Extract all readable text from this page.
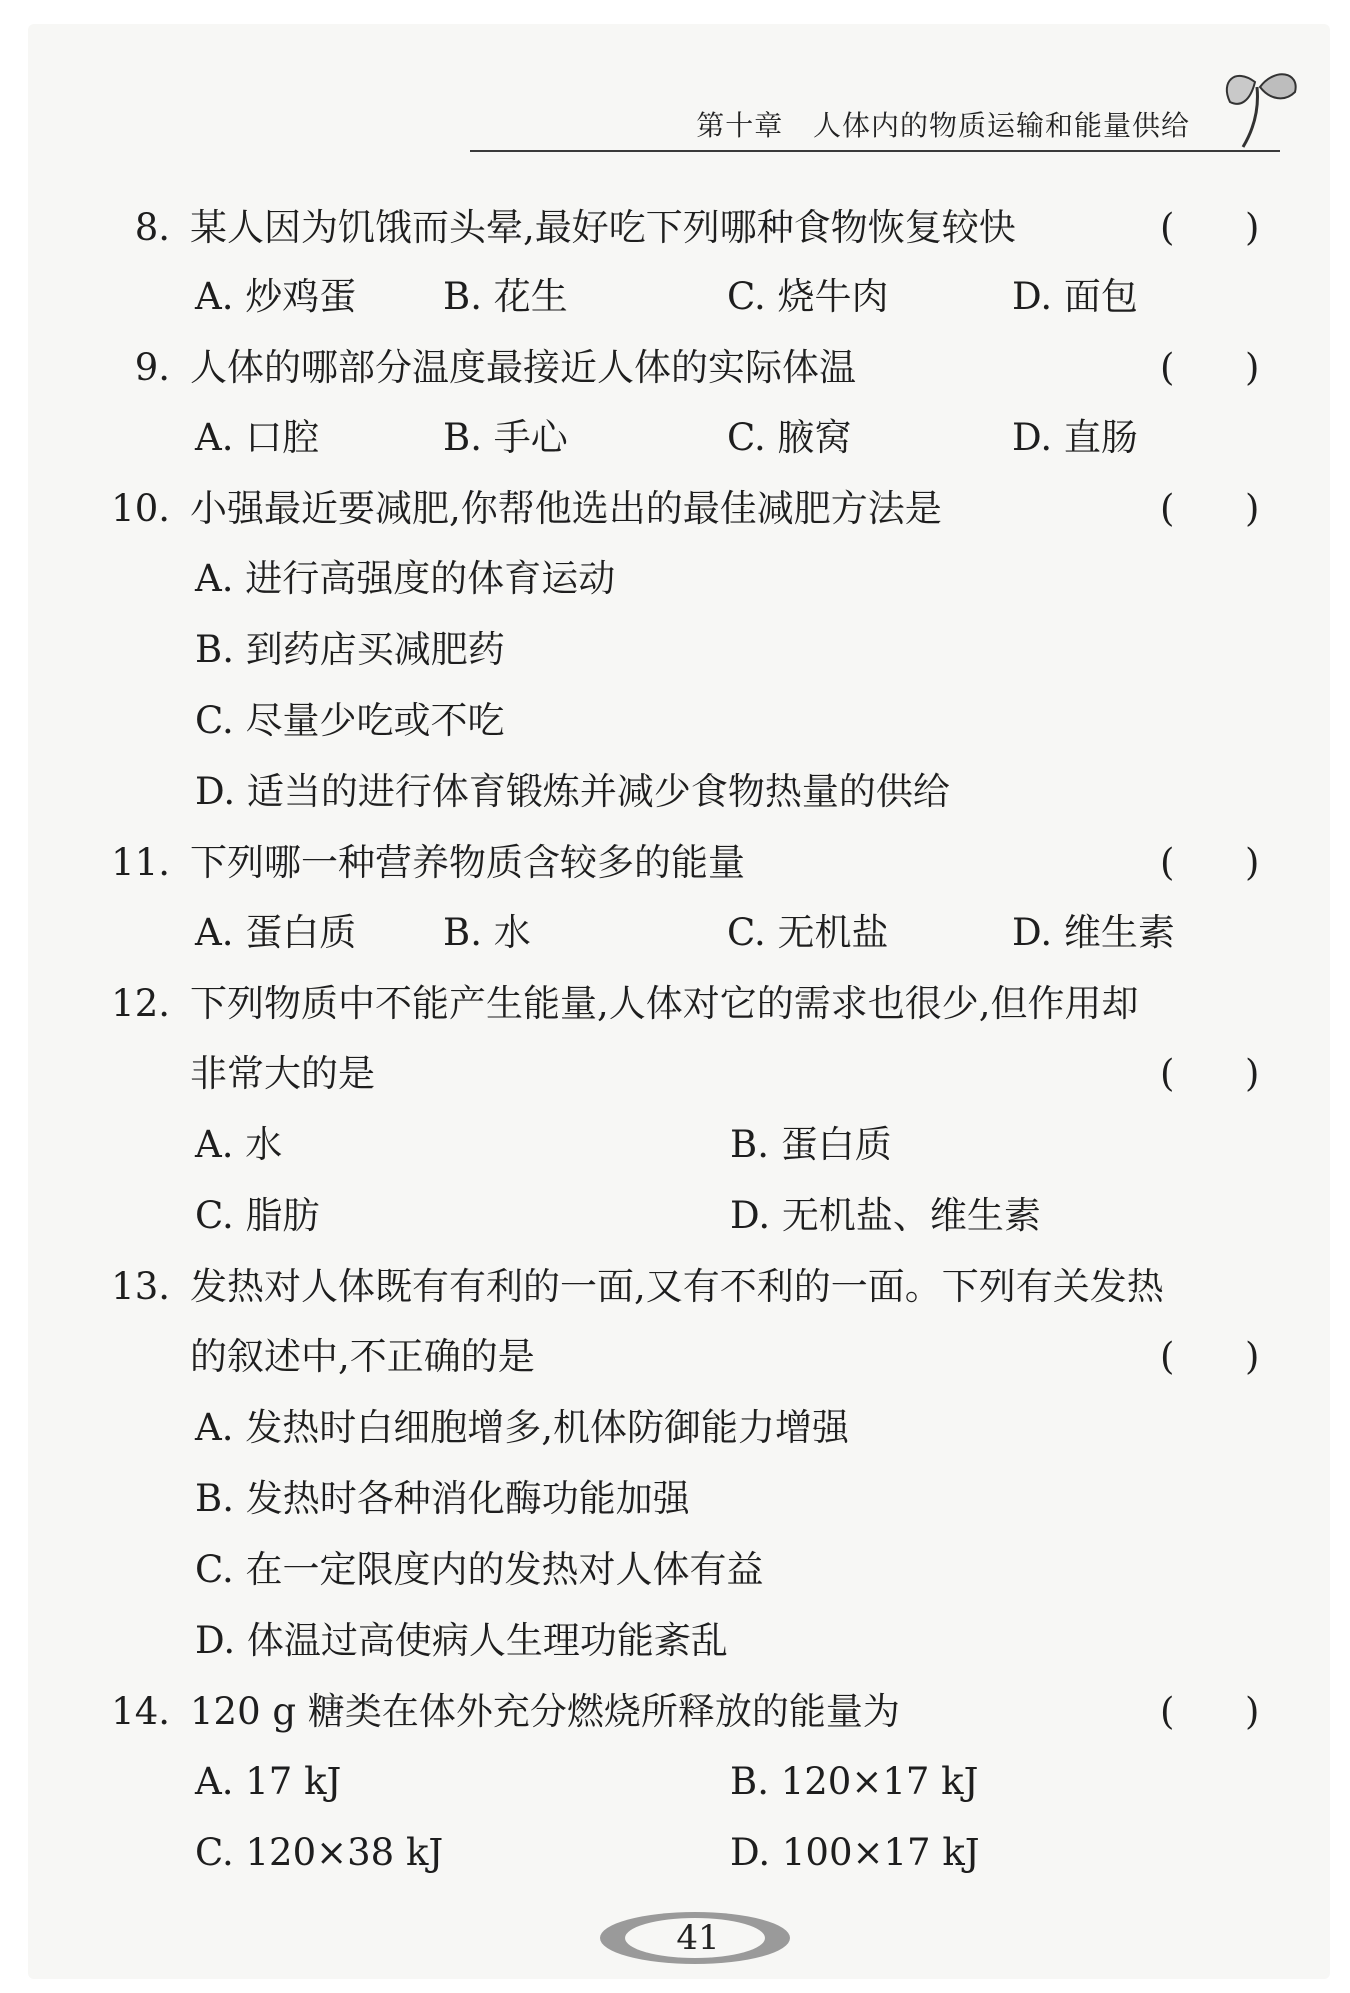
第十章 人体内的物质运输和能量供给
8. 某人因为饥饿而头晕,最好吃下列哪种食物恢复较快	(      )
A. 炒鸡蛋 B. 花生	C. 烧牛肉	D. 面包
9. 人体的哪部分温度最接近人体的实际体温	(      )
A. 口腔	B. 手心	C. 腋窝	D. 直肠
10. 小强最近要减肥,你帮他选出的最佳减肥方法是	(      )
A. 进行高强度的体育运动
B. 到药店买减肥药
C. 尽量少吃或不吃
D. 适当的进行体育锻炼并减少食物热量的供给
11. 下列哪一种营养物质含较多的能量	(      )
A. 蛋白质 B. 水	C. 无机盐	D. 维生素
12. 下列物质中不能产生能量,人体对它的需求也很少,但作用却
非常大的是	(      )
A. 水	B. 蛋白质
C. 脂肪	D. 无机盐、维生素
13. 发热对人体既有有利的一面,又有不利的一面。下列有关发热
的叙述中,不正确的是	(      )
A. 发热时白细胞增多,机体防御能力增强
B. 发热时各种消化酶功能加强
C. 在一定限度内的发热对人体有益
D. 体温过高使病人生理功能紊乱
14. 120 g 糖类在体外充分燃烧所释放的能量为	(      )
A. 17 kJ	B. 120×17 kJ
C. 120×38 kJ	D. 100×17 kJ
41
